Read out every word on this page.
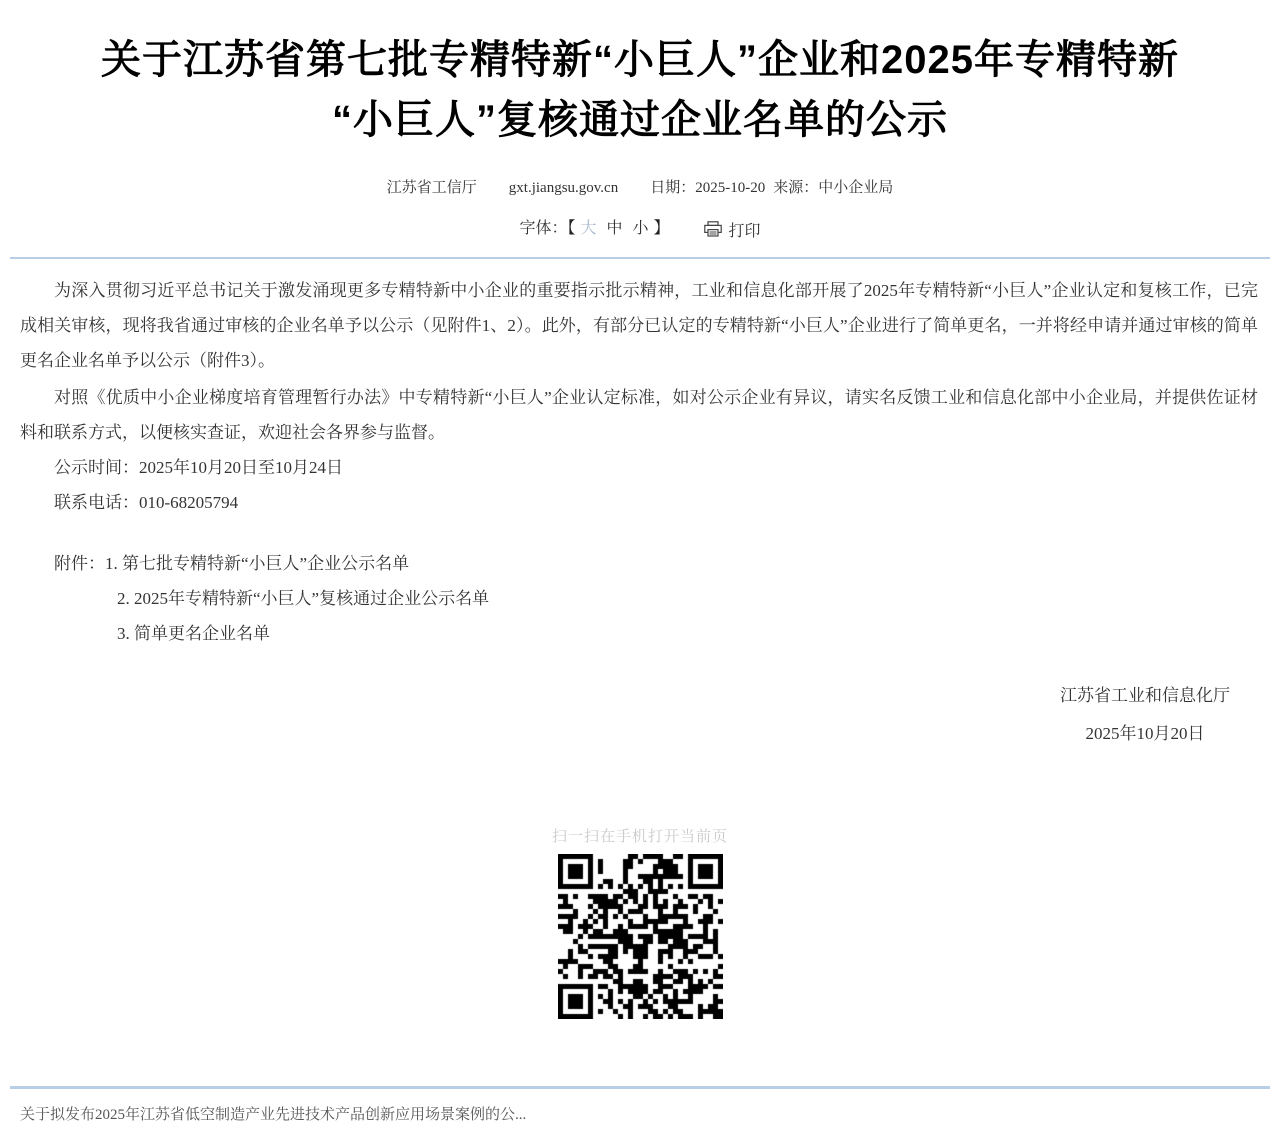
关于江苏省第七批专精特新“小巨人”企业和2025年专精特新
“小巨人”复核通过企业名单的公示
江苏省工信厅 gxt.jiangsu.gov.cn 日期：2025-10-20 来源：中小企业局
字体：【 大 中 小 】	打印

为深入贯彻习近平总书记关于激发涌现更多专精特新中小企业的重要指示批示精神，工业和信息化部开展了2025年专精特新“小巨人”企业认定和复核工作，已完成相关审核，现将我省通过审核的企业名单予以公示（见附件1、2）。此外，有部分已认定的专精特新“小巨人”企业进行了简单更名，一并将经申请并通过审核的简单更名企业名单予以公示（附件3）。

对照《优质中小企业梯度培育管理暂行办法》中专精特新“小巨人”企业认定标准，如对公示企业有异议，请实名反馈工业和信息化部中小企业局，并提供佐证材料和联系方式，以便核实查证，欢迎社会各界参与监督。

公示时间：2025年10月20日至10月24日
联系电话：010-68205794
附件：1. 第七批专精特新“小巨人”企业公示名单
2. 2025年专精特新“小巨人”复核通过企业公示名单
3. 简单更名企业名单
江苏省工业和信息化厅
2025年10月20日
扫一扫在手机打开当前页
关于拟发布2025年江苏省低空制造产业先进技术产品创新应用场景案例的公...
